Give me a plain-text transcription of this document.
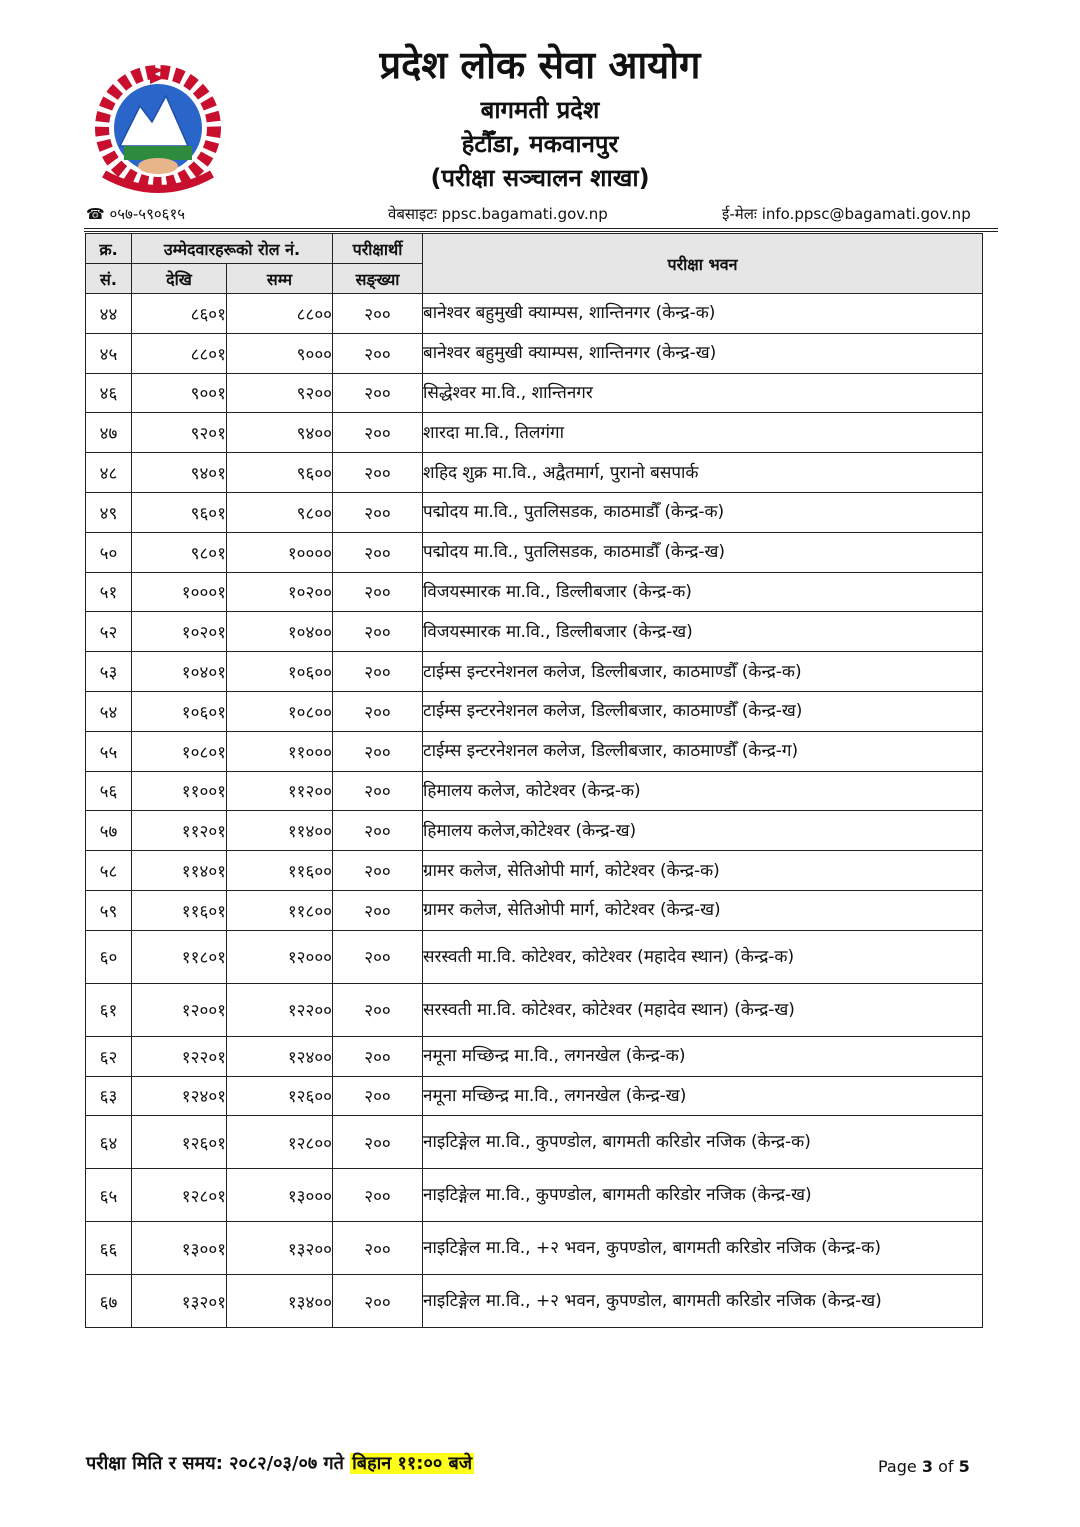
प्रदेश लोक सेवा आयोग
बागमती प्रदेश
हेटौँडा, मकवानपुर
(परीक्षा सञ्चालन शाखा)
☎ ०५७-५९०६१५	वेबसाइटः ppsc.bagamati.gov.np	ई-मेलः info.ppsc@bagamati.gov.np
क्र.	उम्मेदवारहरूको रोल नं.		परीक्षार्थी	परीक्षा भवन
सं.	देखि	सम्म	सङ्ख्या	
४४	८६०१	८८००	२००	बानेश्वर बहुमुखी क्याम्पस, शान्तिनगर (केन्द्र-क)
४५	८८०१	९०००	२००	बानेश्वर बहुमुखी क्याम्पस, शान्तिनगर (केन्द्र-ख)
४६	९००१	९२००	२००	सिद्धेश्वर मा.वि., शान्तिनगर
४७	९२०१	९४००	२००	शारदा मा.वि., तिलगंगा
४८	९४०१	९६००	२००	शहिद शुक्र मा.वि., अद्वैतमार्ग, पुरानो बसपार्क
४९	९६०१	९८००	२००	पद्मोदय मा.वि., पुतलिसडक, काठमाडौँ (केन्द्र-क)
५०	९८०१	१००००	२००	पद्मोदय मा.वि., पुतलिसडक, काठमाडौँ (केन्द्र-ख)
५१	१०००१	१०२००	२००	विजयस्मारक मा.वि., डिल्लीबजार (केन्द्र-क)
५२	१०२०१	१०४००	२००	विजयस्मारक मा.वि., डिल्लीबजार (केन्द्र-ख)
५३	१०४०१	१०६००	२००	टाईम्स इन्टरनेशनल कलेज, डिल्लीबजार, काठमाण्डौँ (केन्द्र-क)
५४	१०६०१	१०८००	२००	टाईम्स इन्टरनेशनल कलेज, डिल्लीबजार, काठमाण्डौँ (केन्द्र-ख)
५५	१०८०१	११०००	२००	टाईम्स इन्टरनेशनल कलेज, डिल्लीबजार, काठमाण्डौँ (केन्द्र-ग)
५६	११००१	११२००	२००	हिमालय कलेज, कोटेश्वर (केन्द्र-क)
५७	११२०१	११४००	२००	हिमालय कलेज,कोटेश्वर (केन्द्र-ख)
५८	११४०१	११६००	२००	ग्रामर कलेज, सेतिओपी मार्ग, कोटेश्वर (केन्द्र-क)
५९	११६०१	११८००	२००	ग्रामर कलेज, सेतिओपी मार्ग, कोटेश्वर (केन्द्र-ख)
६०	११८०१	१२०००	२००	सरस्वती मा.वि. कोटेश्वर, कोटेश्वर (महादेव स्थान) (केन्द्र-क)
६१	१२००१	१२२००	२००	सरस्वती मा.वि. कोटेश्वर, कोटेश्वर (महादेव स्थान) (केन्द्र-ख)
६२	१२२०१	१२४००	२००	नमूना मच्छिन्द्र मा.वि., लगनखेल (केन्द्र-क)
६३	१२४०१	१२६००	२००	नमूना मच्छिन्द्र मा.वि., लगनखेल (केन्द्र-ख)
६४	१२६०१	१२८००	२००	नाइटिङ्गेल मा.वि., कुपण्डोल, बागमती करिडोर नजिक (केन्द्र-क)
६५	१२८०१	१३०००	२००	नाइटिङ्गेल मा.वि., कुपण्डोल, बागमती करिडोर नजिक (केन्द्र-ख)
६६	१३००१	१३२००	२००	नाइटिङ्गेल मा.वि., +२ भवन, कुपण्डोल, बागमती करिडोर नजिक (केन्द्र-क)
६७	१३२०१	१३४००	२००	नाइटिङ्गेल मा.वि., +२ भवन, कुपण्डोल, बागमती करिडोर नजिक (केन्द्र-ख)
परीक्षा मिति र समय: २०८२/०३/०७ गते बिहान ११:०० बजे	Page 3 of 5
